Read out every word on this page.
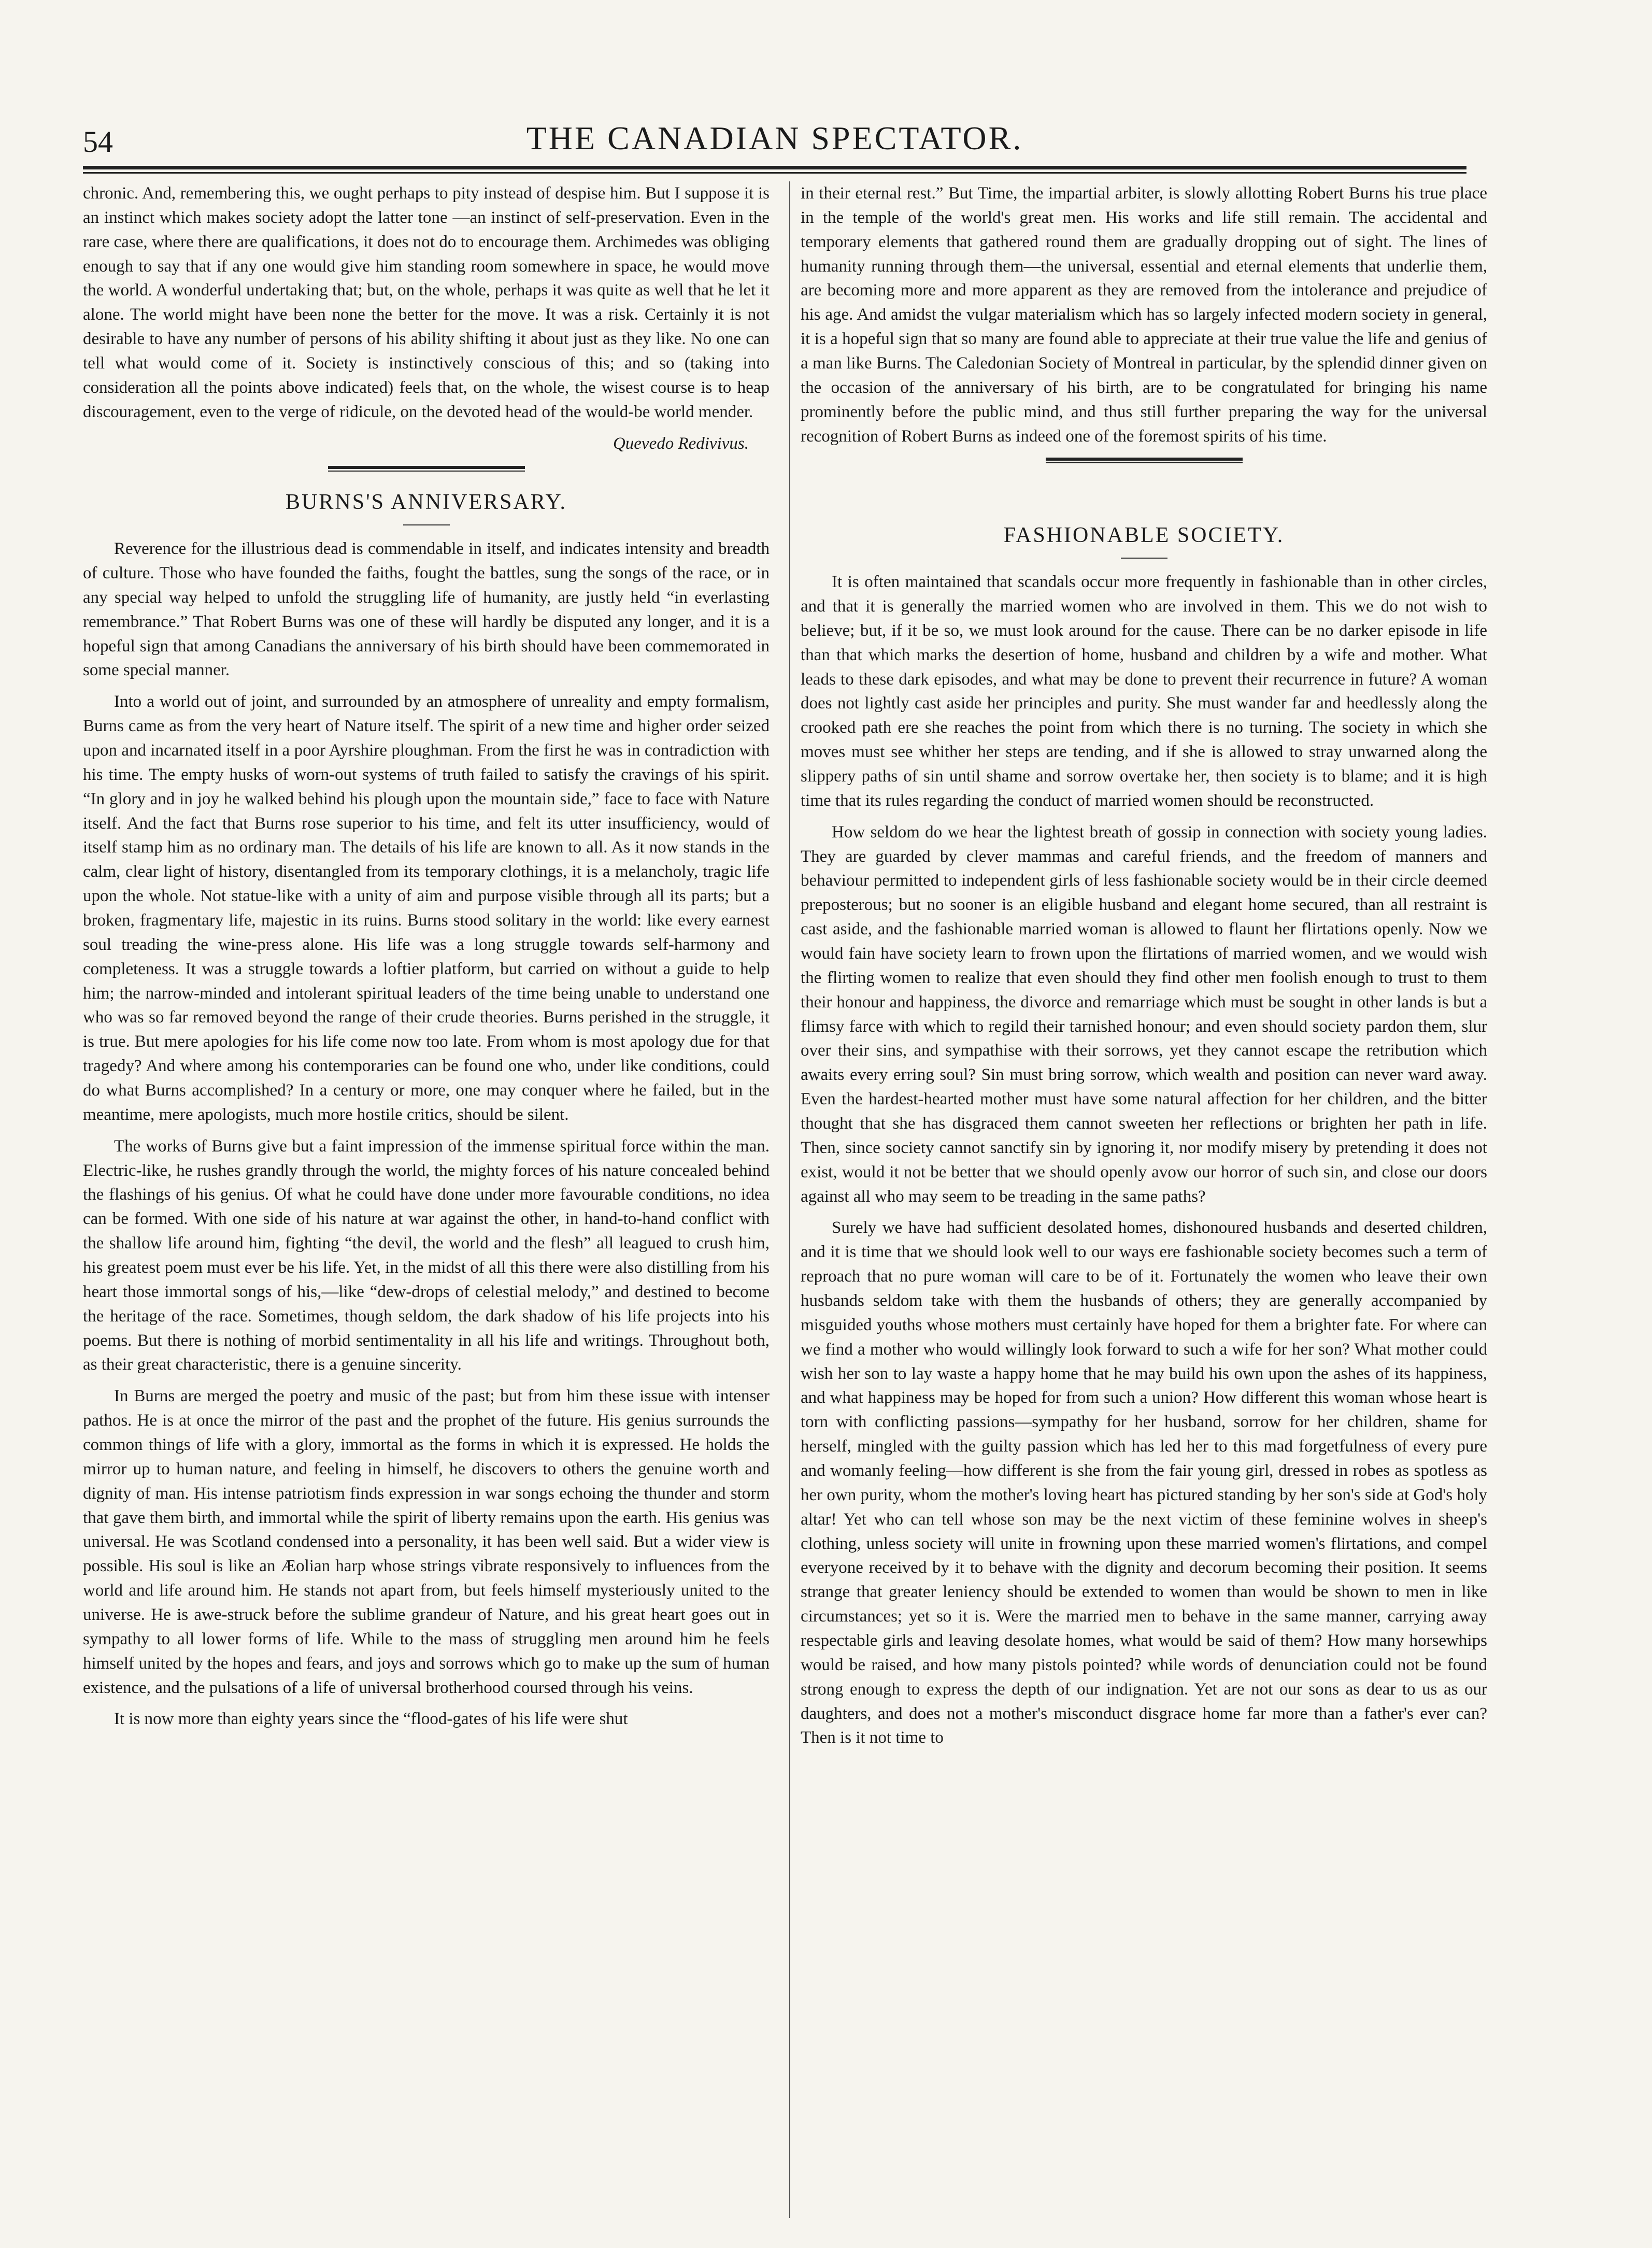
54	THE CANADIAN SPECTATOR.

chronic. And, remembering this, we ought perhaps to pity instead of despise him. But I suppose it is an instinct which makes society adopt the latter tone —an instinct of self-preservation. Even in the rare case, where there are qualifications, it does not do to encourage them. Archimedes was obliging enough to say that if any one would give him standing room somewhere in space, he would move the world. A wonderful undertaking that; but, on the whole, perhaps it was quite as well that he let it alone. The world might have been none the better for the move. It was a risk. Certainly it is not desirable to have any number of persons of his ability shifting it about just as they like. No one can tell what would come of it. Society is instinctively conscious of this; and so (taking into consideration all the points above indicated) feels that, on the whole, the wisest course is to heap discouragement, even to the verge of ridicule, on the devoted head of the would-be world mender.

Quevedo Redivivus.
BURNS'S ANNIVERSARY.

Reverence for the illustrious dead is commendable in itself, and indicates intensity and breadth of culture. Those who have founded the faiths, fought the battles, sung the songs of the race, or in any special way helped to unfold the struggling life of humanity, are justly held “in everlasting remembrance.” That Robert Burns was one of these will hardly be disputed any longer, and it is a hopeful sign that among Canadians the anniversary of his birth should have been commemorated in some special manner.

Into a world out of joint, and surrounded by an atmosphere of unreality and empty formalism, Burns came as from the very heart of Nature itself. The spirit of a new time and higher order seized upon and incarnated itself in a poor Ayrshire ploughman. From the first he was in contradiction with his time. The empty husks of worn-out systems of truth failed to satisfy the cravings of his spirit. “In glory and in joy he walked behind his plough upon the mountain side,” face to face with Nature itself. And the fact that Burns rose superior to his time, and felt its utter insufficiency, would of itself stamp him as no ordinary man. The details of his life are known to all. As it now stands in the calm, clear light of history, disentangled from its temporary clothings, it is a melancholy, tragic life upon the whole. Not statue-like with a unity of aim and purpose visible through all its parts; but a broken, fragmentary life, majestic in its ruins. Burns stood solitary in the world: like every earnest soul treading the wine-press alone. His life was a long struggle towards self-harmony and completeness. It was a struggle towards a loftier platform, but carried on without a guide to help him; the narrow-minded and intolerant spiritual leaders of the time being unable to understand one who was so far removed beyond the range of their crude theories. Burns perished in the struggle, it is true. But mere apologies for his life come now too late. From whom is most apology due for that tragedy? And where among his contemporaries can be found one who, under like conditions, could do what Burns accomplished? In a century or more, one may conquer where he failed, but in the meantime, mere apologists, much more hostile critics, should be silent.

The works of Burns give but a faint impression of the immense spiritual force within the man. Electric-like, he rushes grandly through the world, the mighty forces of his nature concealed behind the flashings of his genius. Of what he could have done under more favourable conditions, no idea can be formed. With one side of his nature at war against the other, in hand-to-hand conflict with the shallow life around him, fighting “the devil, the world and the flesh” all leagued to crush him, his greatest poem must ever be his life. Yet, in the midst of all this there were also distilling from his heart those immortal songs of his,—like “dew-drops of celestial melody,” and destined to become the heritage of the race. Sometimes, though seldom, the dark shadow of his life projects into his poems. But there is nothing of morbid sentimentality in all his life and writings. Throughout both, as their great characteristic, there is a genuine sincerity.

In Burns are merged the poetry and music of the past; but from him these issue with intenser pathos. He is at once the mirror of the past and the prophet of the future. His genius surrounds the common things of life with a glory, immortal as the forms in which it is expressed. He holds the mirror up to human nature, and feeling in himself, he discovers to others the genuine worth and dignity of man. His intense patriotism finds expression in war songs echoing the thunder and storm that gave them birth, and immortal while the spirit of liberty remains upon the earth. His genius was universal. He was Scotland condensed into a personality, it has been well said. But a wider view is possible. His soul is like an Æolian harp whose strings vibrate responsively to influences from the world and life around him. He stands not apart from, but feels himself mysteriously united to the universe. He is awe-struck before the sublime grandeur of Nature, and his great heart goes out in sympathy to all lower forms of life. While to the mass of struggling men around him he feels himself united by the hopes and fears, and joys and sorrows which go to make up the sum of human existence, and the pulsations of a life of universal brotherhood coursed through his veins.

It is now more than eighty years since the “flood-gates of his life were shut

in their eternal rest.” But Time, the impartial arbiter, is slowly allotting Robert Burns his true place in the temple of the world's great men. His works and life still remain. The accidental and temporary elements that gathered round them are gradually dropping out of sight. The lines of humanity running through them—the universal, essential and eternal elements that underlie them, are becoming more and more apparent as they are removed from the intolerance and prejudice of his age. And amidst the vulgar materialism which has so largely infected modern society in general, it is a hopeful sign that so many are found able to appreciate at their true value the life and genius of a man like Burns. The Caledonian Society of Montreal in particular, by the splendid dinner given on the occasion of the anniversary of his birth, are to be congratulated for bringing his name prominently before the public mind, and thus still further preparing the way for the universal recognition of Robert Burns as indeed one of the foremost spirits of his time.

FASHIONABLE SOCIETY.

It is often maintained that scandals occur more frequently in fashionable than in other circles, and that it is generally the married women who are involved in them. This we do not wish to believe; but, if it be so, we must look around for the cause. There can be no darker episode in life than that which marks the desertion of home, husband and children by a wife and mother. What leads to these dark episodes, and what may be done to prevent their recurrence in future? A woman does not lightly cast aside her principles and purity. She must wander far and heedlessly along the crooked path ere she reaches the point from which there is no turning. The society in which she moves must see whither her steps are tending, and if she is allowed to stray unwarned along the slippery paths of sin until shame and sorrow overtake her, then society is to blame; and it is high time that its rules regarding the conduct of married women should be reconstructed.

How seldom do we hear the lightest breath of gossip in connection with society young ladies. They are guarded by clever mammas and careful friends, and the freedom of manners and behaviour permitted to independent girls of less fashionable society would be in their circle deemed preposterous; but no sooner is an eligible husband and elegant home secured, than all restraint is cast aside, and the fashionable married woman is allowed to flaunt her flirtations openly. Now we would fain have society learn to frown upon the flirtations of married women, and we would wish the flirting women to realize that even should they find other men foolish enough to trust to them their honour and happiness, the divorce and remarriage which must be sought in other lands is but a flimsy farce with which to regild their tarnished honour; and even should society pardon them, slur over their sins, and sympathise with their sorrows, yet they cannot escape the retribution which awaits every erring soul? Sin must bring sorrow, which wealth and position can never ward away. Even the hardest-hearted mother must have some natural affection for her children, and the bitter thought that she has disgraced them cannot sweeten her reflections or brighten her path in life. Then, since society cannot sanctify sin by ignoring it, nor modify misery by pretending it does not exist, would it not be better that we should openly avow our horror of such sin, and close our doors against all who may seem to be treading in the same paths?

Surely we have had sufficient desolated homes, dishonoured husbands and deserted children, and it is time that we should look well to our ways ere fashionable society becomes such a term of reproach that no pure woman will care to be of it. Fortunately the women who leave their own husbands seldom take with them the husbands of others; they are generally accompanied by misguided youths whose mothers must certainly have hoped for them a brighter fate. For where can we find a mother who would willingly look forward to such a wife for her son? What mother could wish her son to lay waste a happy home that he may build his own upon the ashes of its happiness, and what happiness may be hoped for from such a union? How different this woman whose heart is torn with conflicting passions—sympathy for her husband, sorrow for her children, shame for herself, mingled with the guilty passion which has led her to this mad forgetfulness of every pure and womanly feeling—how different is she from the fair young girl, dressed in robes as spotless as her own purity, whom the mother's loving heart has pictured standing by her son's side at God's holy altar! Yet who can tell whose son may be the next victim of these feminine wolves in sheep's clothing, unless society will unite in frowning upon these married women's flirtations, and compel everyone received by it to behave with the dignity and decorum becoming their position. It seems strange that greater leniency should be extended to women than would be shown to men in like circumstances; yet so it is. Were the married men to behave in the same manner, carrying away respectable girls and leaving desolate homes, what would be said of them? How many horsewhips would be raised, and how many pistols pointed? while words of denunciation could not be found strong enough to express the depth of our indignation. Yet are not our sons as dear to us as our daughters, and does not a mother's misconduct disgrace home far more than a father's ever can? Then is it not time to
